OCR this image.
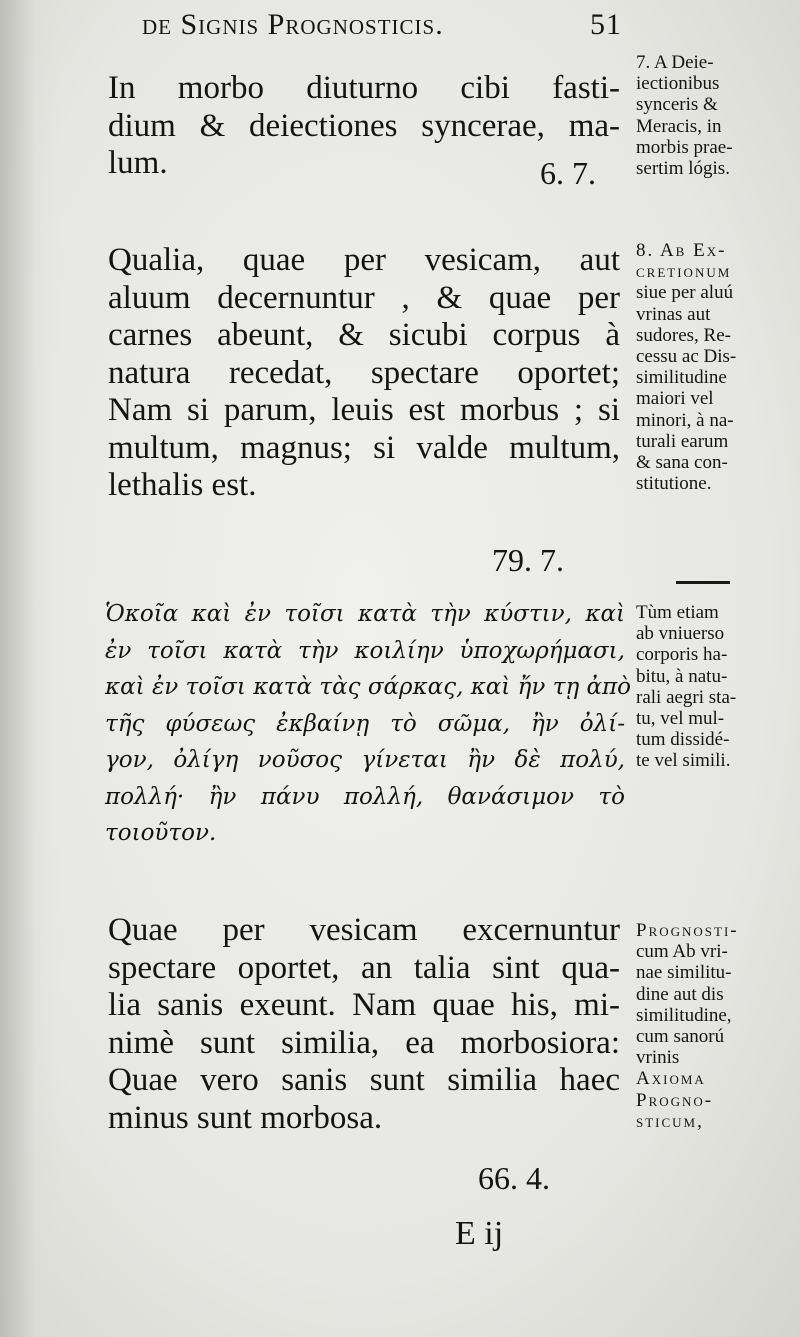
de Signis Prognosticis.	51
In morbo diuturno cibi fasti-
dium & deiectiones syncerae, ma-
lum.	6. 7.
Qualia, quae per vesicam, aut
aluum decernuntur , & quae per
carnes abeunt, & sicubi corpus à
natura recedat, spectare oportet;
Nam si parum, leuis est morbus ; si
multum, magnus; si valde multum,
lethalis est.
79. 7.
Ὁκοῖα καὶ ἐν τοῖσι κατὰ τὴν κύστιν, καὶ
ἐν τοῖσι κατὰ τὴν κοιλίην ὑποχωρήμασι,
καὶ ἐν τοῖσι κατὰ τὰς σάρκας, καὶ ἤν τῃ ἀπὸ
τῆς φύσεως ἐκβαίνῃ τὸ σῶμα, ἢν ὀλί-
γον, ὀλίγη νοῦσος γίνεται ἢν δὲ πολύ,
πολλή· ἢν πάνυ πολλή, θανάσιμον τὸ
τοιοῦτον.
Quae per vesicam excernuntur
spectare oportet, an talia sint qua-
lia sanis exeunt. Nam quae his, mi-
nimè sunt similia, ea morbosiora:
Quae vero sanis sunt similia haec
minus sunt morbosa.
66. 4.
E ij
7. A Deie-
iectionibus
synceris &
Meracis, in
morbis prae-
sertim lógis.
8. Ab Ex-
cretionum
siue per aluú
vrinas aut
sudores, Re-
cessu ac Dis-
similitudine
maiori vel
minori, à na-
turali earum
& sana con-
stitutione.
Tùm etiam
ab vniuerso
corporis ha-
bitu, à natu-
rali aegri sta-
tu, vel mul-
tum dissidé-
te vel simili.
Prognosti-
cum Ab vri-
nae similitu-
dine aut dis
similitudine,
cum sanorú
vrinis
Axioma
Progno-
sticum,
